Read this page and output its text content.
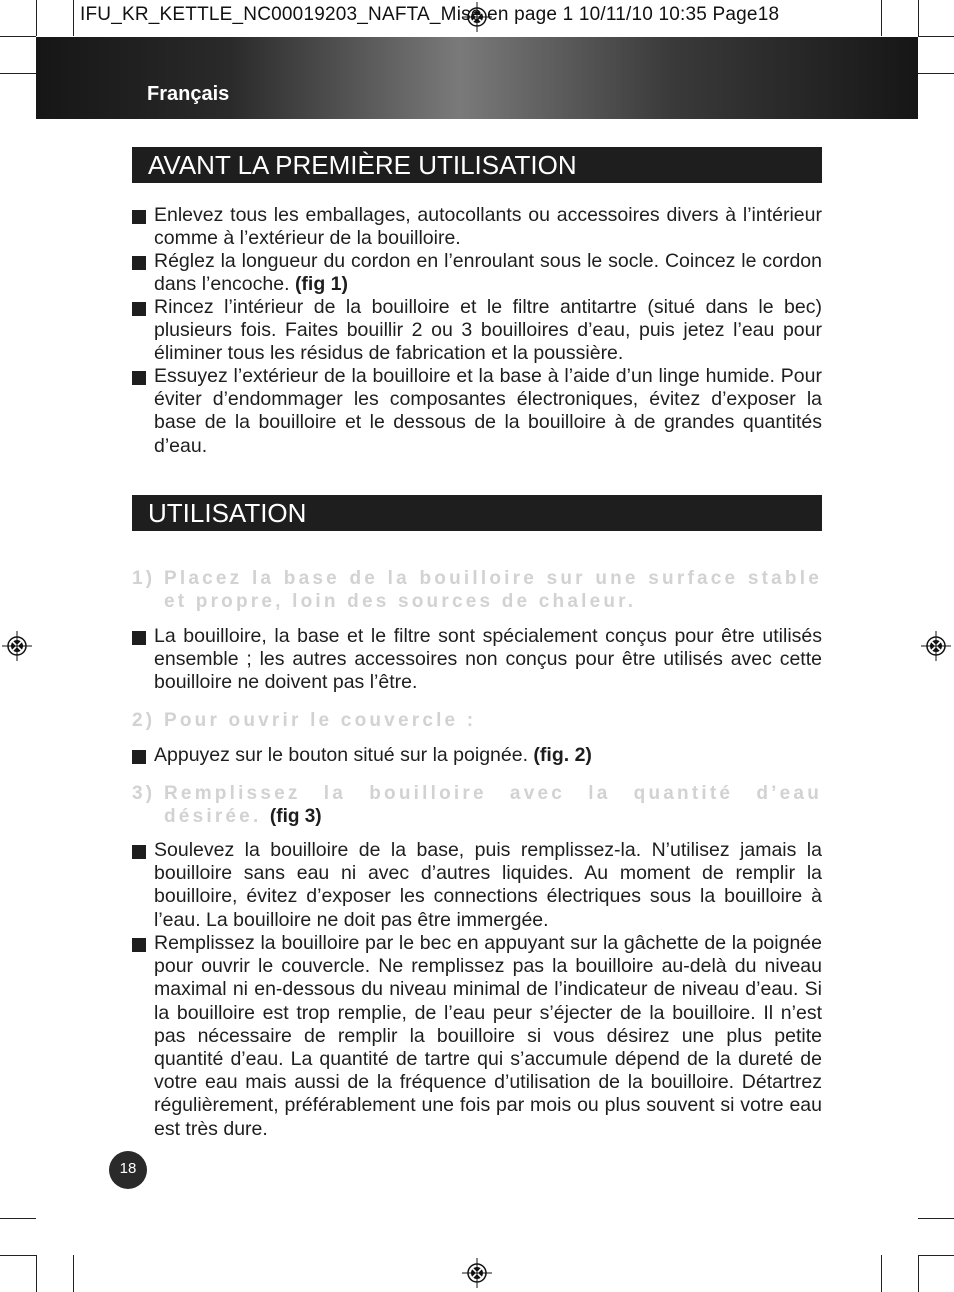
IFU_KR_KETTLE_NC00019203_NAFTA_Mise en page 1 10/11/10 10:35 Page18
Français
AVANT LA PREMIÈRE UTILISATION
Enlevez tous les emballages, autocollants ou accessoires divers à l’intérieur comme à l’extérieur de la bouilloire.
Réglez la longueur du cordon en l’enroulant sous le socle. Coincez le cordon dans l’encoche. (fig 1)
Rincez l’intérieur de la bouilloire et le filtre antitartre (situé dans le bec) plusieurs fois. Faites bouillir 2 ou 3 bouilloires d’eau, puis jetez l’eau pour éliminer tous les résidus de fabrication et la poussière.
Essuyez l’extérieur de la bouilloire et la base à l’aide d’un linge humide. Pour éviter d’endommager les composantes électroniques, évitez d’exposer la base de la bouilloire et le dessous de la bouilloire à de grandes quantités d’eau.
UTILISATION
1) Placez la base de la bouilloire sur une surface stable et propre, loin des sources de chaleur.
La bouilloire, la base et le filtre sont spécialement conçus pour être utilisés ensemble ; les autres accessoires non conçus pour être utilisés avec cette bouilloire ne doivent pas l’être.
2) Pour ouvrir le couvercle :
Appuyez sur le bouton situé sur la poignée. (fig. 2)
3) Remplissez la bouilloire avec la quantité d’eau désirée. (fig 3)
Soulevez la bouilloire de la base, puis remplissez-la. N’utilisez jamais la bouilloire sans eau ni avec d’autres liquides. Au moment de remplir la bouilloire, évitez d’exposer les connections électriques sous la bouilloire à l’eau. La bouilloire ne doit pas être immergée.
Remplissez la bouilloire par le bec en appuyant sur la gâchette de la poignée pour ouvrir le couvercle. Ne remplissez pas la bouilloire au-delà du niveau maximal ni en-dessous du niveau minimal de l’indicateur de niveau d’eau. Si la bouilloire est trop remplie, de l’eau peur s’éjecter de la bouilloire. Il n’est pas nécessaire de remplir la bouilloire si vous désirez une plus petite quantité d’eau. La quantité de tartre qui s’accumule dépend de la dureté de votre eau mais aussi de la fréquence d’utilisation de la bouilloire. Détartrez régulièrement, préférablement une fois par mois ou plus souvent si votre eau est très dure.
18
